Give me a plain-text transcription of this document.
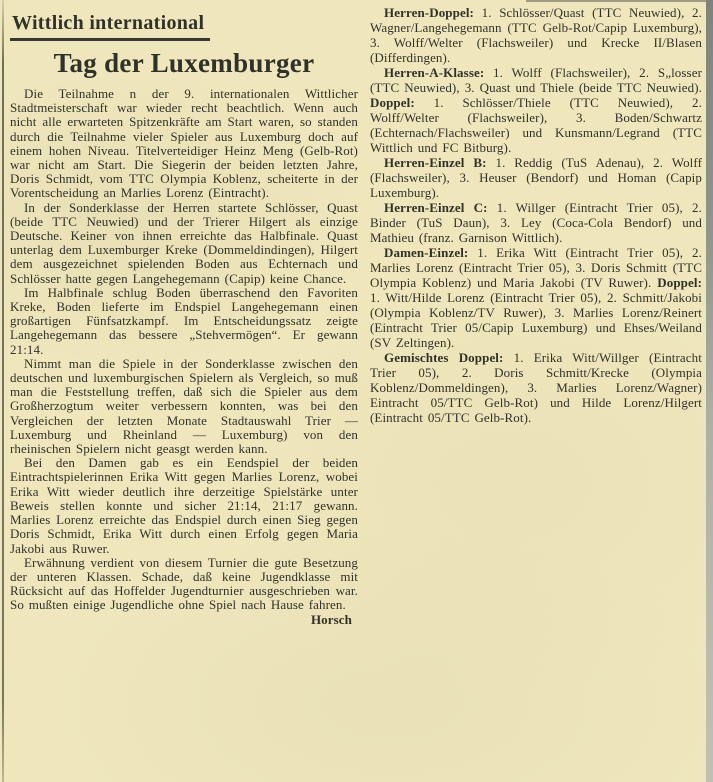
Wittlich international
Tag der Luxemburger

Die Teilnahme n der 9. internationalen Wittlicher Stadtmeisterschaft war wieder recht beachtlich. Wenn auch nicht alle erwarteten Spitzenkräfte am Start waren, so standen durch die Teilnahme vieler Spieler aus Luxemburg doch auf einem hohen Niveau. Titelverteidiger Heinz Meng (Gelb-Rot) war nicht am Start. Die Siegerin der beiden letzten Jahre, Doris Schmidt, vom TTC Olympia Koblenz, scheiterte in der Vorentscheidung an Marlies Lorenz (Eintracht).

In der Sonderklasse der Herren startete Schlösser, Quast (beide TTC Neuwied) und der Trierer Hilgert als einzige Deutsche. Keiner von ihnen erreichte das Halbfinale. Quast unterlag dem Luxemburger Kreke (Dommeldindingen), Hilgert dem ausgezeichnet spielenden Boden aus Echternach und Schlösser hatte gegen Langehegemann (Capip) keine Chance.

Im Halbfinale schlug Boden überraschend den Favoriten Kreke, Boden lieferte im Endspiel Langehegemann einen großartigen Fünfsatzkampf. Im Entscheidungssatz zeigte Langehegemann das bessere „Stehvermögen“. Er gewann 21:14.

Nimmt man die Spiele in der Sonderklasse zwischen den deutschen und luxemburgischen Spielern als Vergleich, so muß man die Feststellung treffen, daß sich die Spieler aus dem Großherzogtum weiter verbessern konnten, was bei den Vergleichen der letzten Monate Stadtauswahl Trier — Luxemburg und Rheinland — Luxemburg) von den rheinischen Spielern nicht geasgt werden kann.

Bei den Damen gab es ein Eendspiel der beiden Eintrachtspielerinnen Erika Witt gegen Marlies Lorenz, wobei Erika Witt wieder deutlich ihre derzeitige Spielstärke unter Beweis stellen konnte und sicher 21:14, 21:17 gewann. Marlies Lorenz erreichte das Endspiel durch einen Sieg gegen Doris Schmidt, Erika Witt durch einen Erfolg gegen Maria Jakobi aus Ruwer.

Erwähnung verdient von diesem Turnier die gute Besetzung der unteren Klassen. Schade, daß keine Jugendklasse mit Rücksicht auf das Hoffelder Jugendturnier ausgeschrieben war. So mußten einige Jugendliche ohne Spiel nach Hause fahren.
Horsch

Herren-Doppel: 1. Schlösser/Quast (TTC Neuwied), 2. Wagner/Langehegemann (TTC Gelb-Rot/Capip Luxemburg), 3. Wolff/Welter (Flachsweiler) und Krecke II/Blasen (Differdingen).

Herren-A-Klasse: 1. Wolff (Flachsweiler), 2. S„losser (TTC Neuwied), 3. Quast und Thiele (beide TTC Neuwied). Doppel: 1. Schlösser/Thiele (TTC Neuwied), 2. Wolff/Welter (Flachsweiler), 3. Boden/Schwartz (Echternach/Flachsweiler) und Kunsmann/Legrand (TTC Wittlich und FC Bitburg).

Herren-Einzel B: 1. Reddig (TuS Adenau), 2. Wolff (Flachsweiler), 3. Heuser (Bendorf) und Homan (Capip Luxemburg).

Herren-Einzel C: 1. Willger (Eintracht Trier 05), 2. Binder (TuS Daun), 3. Ley (Coca-Cola Bendorf) und Mathieu (franz. Garnison Wittlich).

Damen-Einzel: 1. Erika Witt (Eintracht Trier 05), 2. Marlies Lorenz (Eintracht Trier 05), 3. Doris Schmitt (TTC Olympia Koblenz) und Maria Jakobi (TV Ruwer). Doppel: 1. Witt/Hilde Lorenz (Eintracht Trier 05), 2. Schmitt/Jakobi (Olympia Koblenz/TV Ruwer), 3. Marlies Lorenz/Reinert (Eintracht Trier 05/Capip Luxemburg) und Ehses/Weiland (SV Zeltingen).

Gemischtes Doppel: 1. Erika Witt/Willger (Eintracht Trier 05), 2. Doris Schmitt/Krecke (Olympia Koblenz/Dommeldingen), 3. Marlies Lorenz/Wagner) Eintracht 05/TTC Gelb-Rot) und Hilde Lorenz/Hilgert (Eintracht 05/TTC Gelb-Rot).
